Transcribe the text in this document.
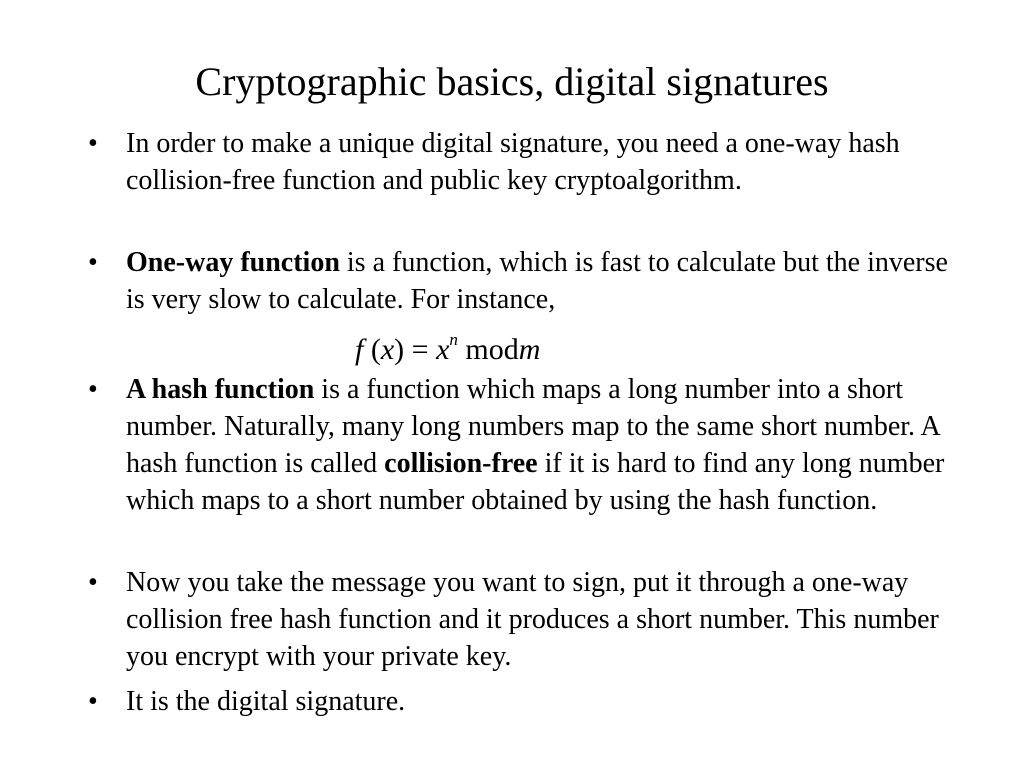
Cryptographic basics, digital signatures

• In order to make a unique digital signature, you need a one-way hash collision-free function and public key cryptoalgorithm.

• One-way function is a function, which is fast to calculate but the inverse is very slow to calculate. For instance,

f $(x) = x^n$ modm

• A hash function is a function which maps a long number into a short number. Naturally, many long numbers map to the same short number. A hash function is called collision-free if it is hard to find any long number which maps to a short number obtained by using the hash function.

• Now you take the message you want to sign, put it through a one-way collision free hash function and it produces a short number. This number you encrypt with your private key.

• It is the digital signature.
